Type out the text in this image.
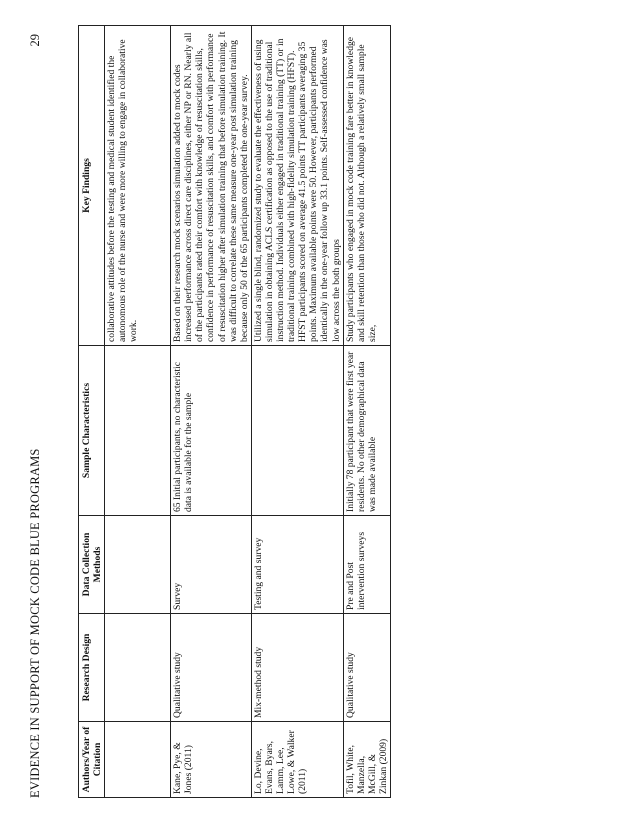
EVIDENCE IN SUPPORT OF MOCK CODE BLUE PROGRAMS
29
Authors/Year of Citation	Research Design	Data Collection Methods	Sample Characteristics	Key Findings
				collaborative attitudes before the testing and medical student identified the autonomous role of the nurse and were more willing to engage in collaborative work.
Kane, Pye, & Jones (2011)	Qualitative study	Survey	65 Initial participants, no characteristic data is available for the sample	Based on their research mock scenarios simulation added to mock codes increased performance across direct care disciplines, either NP or RN. Nearly all of the participants rated their comfort with knowledge of resuscitation skills, confidence in performance of resuscitation skills, and comfort with performance of resuscitation higher after simulation training that before simulation training. It was difficult to correlate these same measure one-year post simulation training because only 50 of the 65 participants completed the one-year survey.
Lo, Devine, Evans, Byars, Lamm, Lee, Lowe, & Walker (2011)	Mix-method study	Testing and survey		Utilized a single blind, randomized study to evaluate the effectiveness of using simulation in obtaining ACLS certification as opposed to the use of traditional instruction method. Individuals either engaged in traditional training (TT) or in traditional training combined with high-fidelity simulation training (HFST). HFST participants scored on average 41.5 points TT participants averaging 35 points. Maximum available points were 50. However, participants performed identically in the one-year follow up 33.1 points. Self-assessed confidence was low across the both groups
Tofil, White, Manzella, McGill, & Zinkan (2009)	Qualitative study	Pre and Post intervention surveys	Initially 78 participant that were first year residents. No other demographical data was made available	Study participants who engaged in mock code training fare better in knowledge and skill retention than those who did not. Although a relatively small sample size,
